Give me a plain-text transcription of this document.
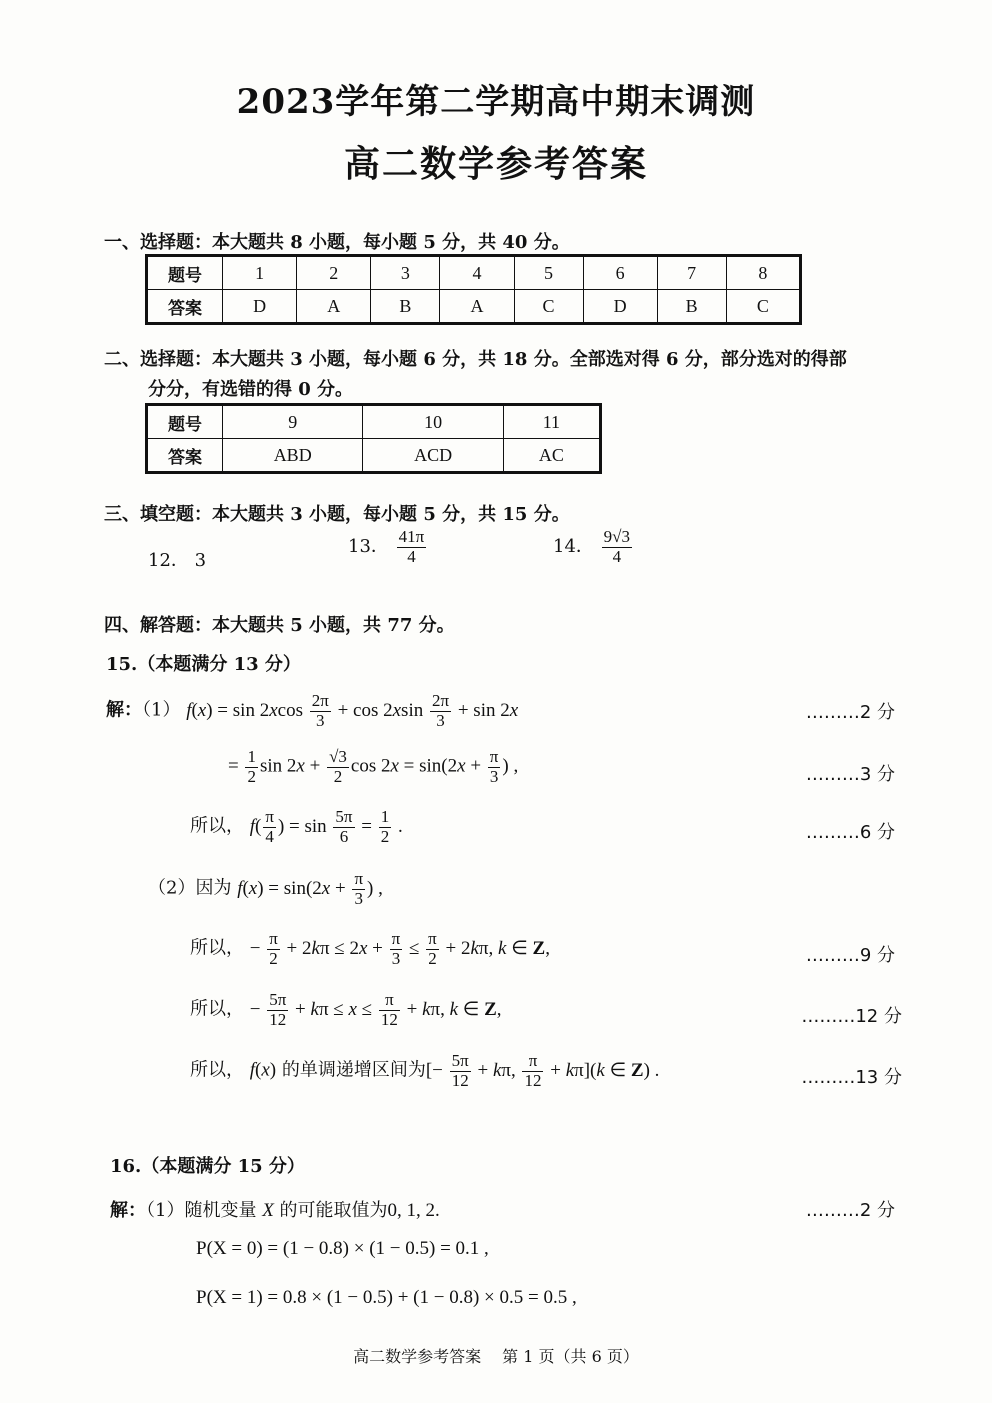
2023学年第二学期高中期末调测
高二数学参考答案
一、选择题：本大题共 8 小题，每小题 5 分，共 40 分。
题号	1	2	3	4	5	6	7	8
答案	D	A	B	A	C	D	B	C
二、选择题：本大题共 3 小题，每小题 6 分，共 18 分。全部选对得 6 分，部分选对的得部
分分，有选错的得 0 分。
题号	9	10	11
答案	ABD	ACD	AC
三、填空题：本大题共 3 小题，每小题 5 分，共 15 分。
12． 3
13． $\frac{41\pi}{4}$	14． $\frac{9√3}{4}$
四、解答题：本大题共 5 小题，共 77 分。
15.（本题满分 13 分）
解：（1） $f(x) = \sin 2xcos \frac{2\pi}{3} + \cos 2xsin \frac{2\pi}{3} + \sin 2x$	………2 分
= $\frac{1}{2}$ $\sin 2x + \frac{√3}{2}$ $\cos 2x = \sin(2x + \frac{\pi}{3}$ ) ,	………3 分
所以， $f( \frac{\pi}{4}$ ) = $\sin \frac{5\pi}{6} = \frac{1}{2}$ .	………6 分
（2）因为 $f(x) = \sin(2x + \frac{\pi}{3}$ ) ,
所以， − $\frac{\pi}{2} + 2k\pi \le 2x + \frac{\pi}{3} \le \frac{\pi}{2} + 2k\pi$, k ∈ Z,	………9 分
所以， − $\frac{5\pi}{12} + k\pi \le x \le \frac{\pi}{12} + k\pi$, k ∈ Z,	………12 分
所以， f(x) 的单调递增区间为[− $\frac{5\pi}{12} + k\pi$, $\frac{\pi}{12} + k\pi](k$ ∈ Z) .	………13 分
16.（本题满分 15 分）
解：（1）随机变量 X 的可能取值为0, 1, 2.	………2 分
P(X = 0) = (1 − 0.8) × (1 − 0.5) = 0.1 ,
P(X = 1) = 0.8 × (1 − 0.5) + (1 − 0.8) × 0.5 = 0.5 ,
高二数学参考答案　 第 1 页（共 6 页）
